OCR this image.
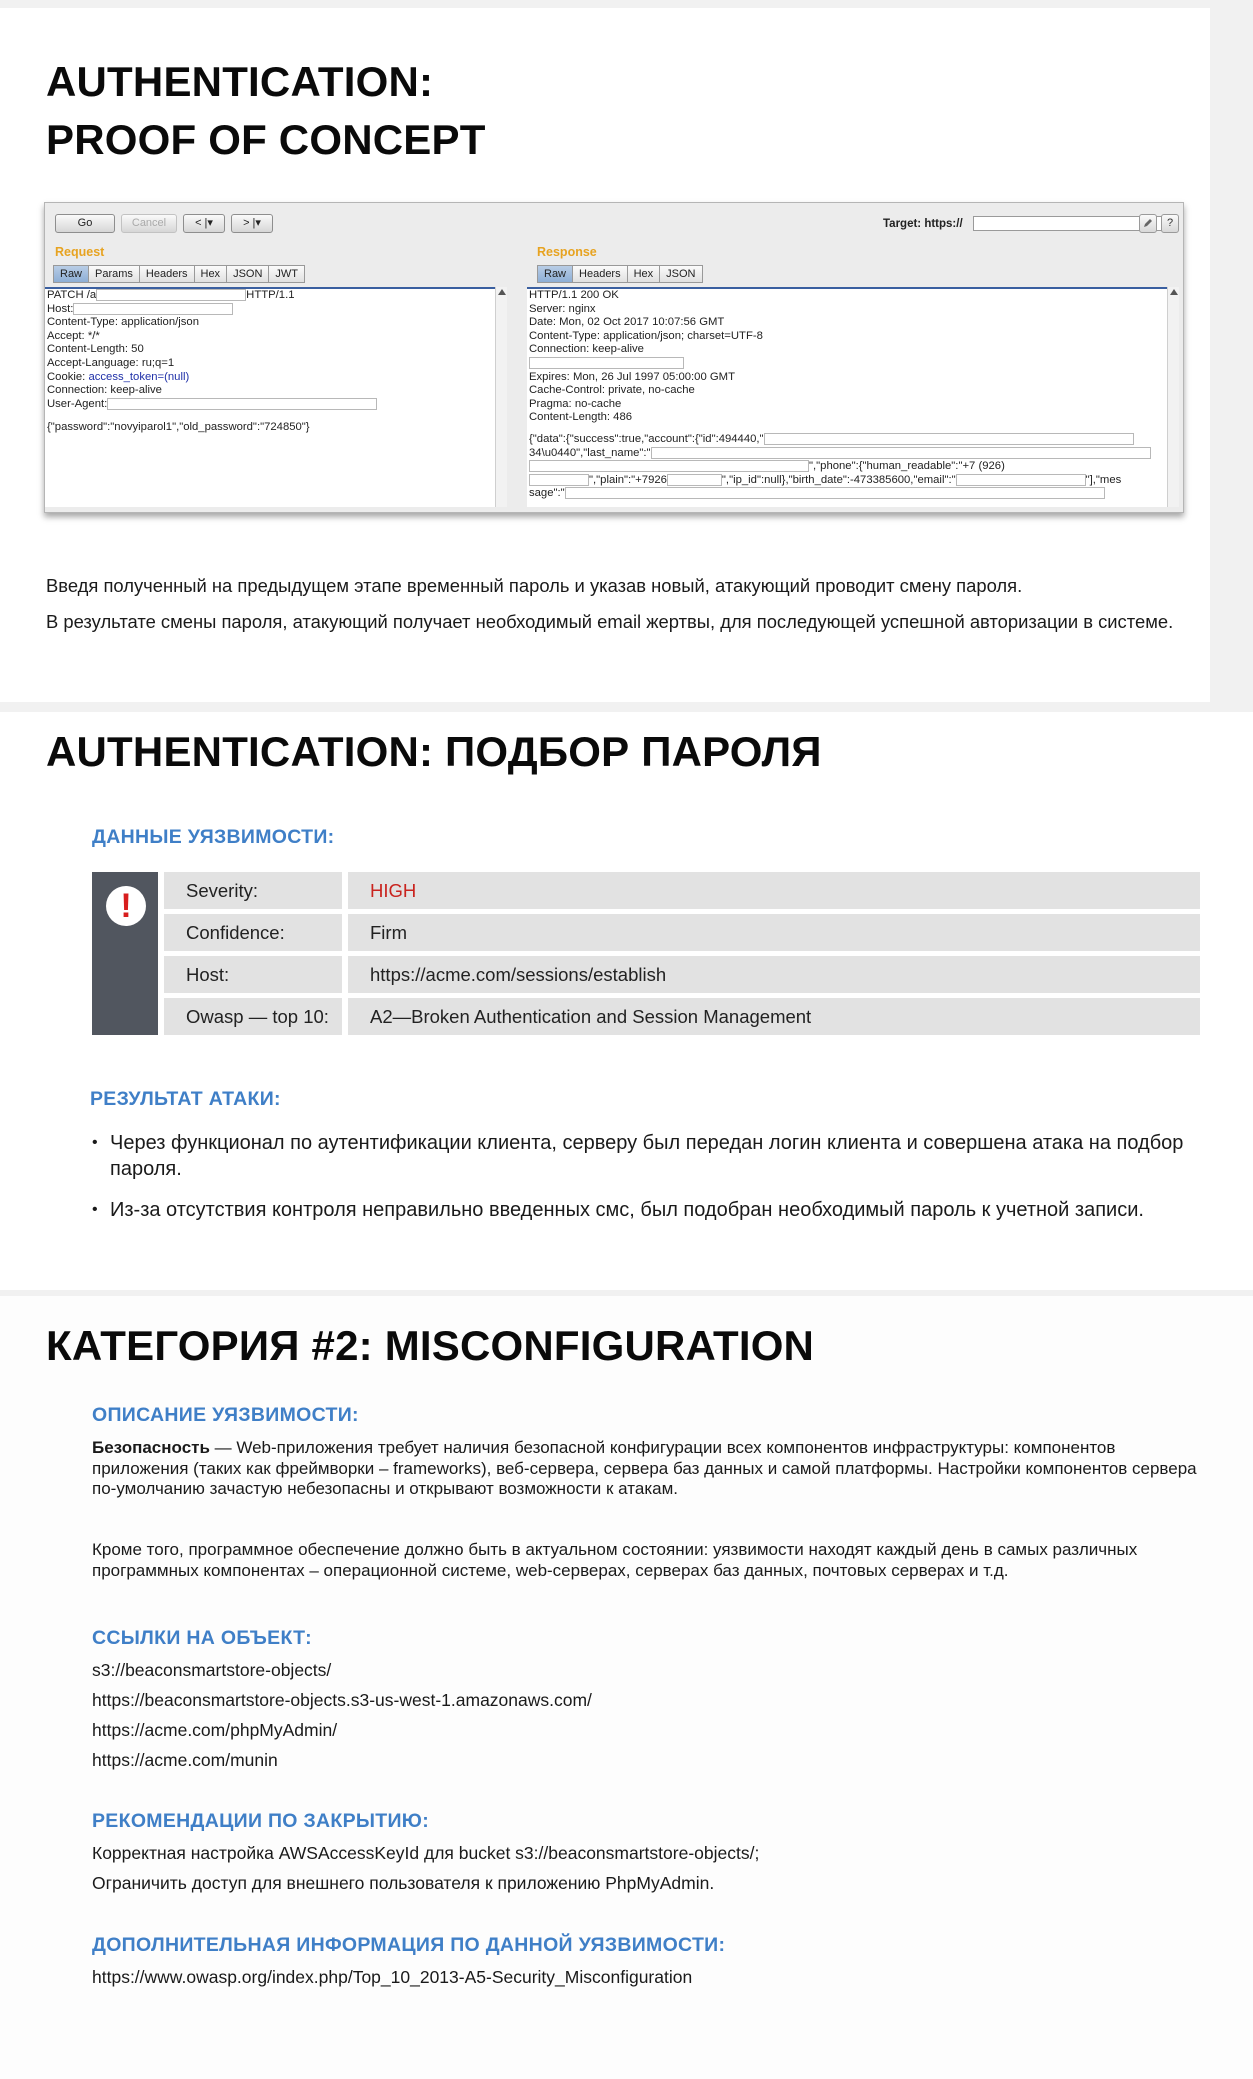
AUTHENTICATION:
PROOF OF CONCEPT
Go	Cancel	< |▾	> |▾	Target: https://	?
Request	Response
Raw	Params	Headers	Hex	JSON	JWT	Raw	Headers	Hex	JSON
PATCH /a	HTTP/1.1
Host:
Content-Type: application/json
Accept: */*
Content-Length: 50
Accept-Language: ru;q=1
Cookie: access_token=(null)
Connection: keep-alive
User-Agent:
{"password":"novyiparol1","old_password":"724850"}
HTTP/1.1 200 OK
Server: nginx
Date: Mon, 02 Oct 2017 10:07:56 GMT
Content-Type: application/json; charset=UTF-8
Connection: keep-alive
Expires: Mon, 26 Jul 1997 05:00:00 GMT
Cache-Control: private, no-cache
Pragma: no-cache
Content-Length: 486
{"data":{"success":true,"account":{"id":494440,"
34\u0440","last_name":"
","phone":{"human_readable":"+7 (926)
","plain":"+7926	","ip_id":null},"birth_date":-473385600,"email":"	"],"mes
sage":"
Введя полученный на предыдущем этапе временный пароль и указав новый, атакующий проводит смену пароля.
В результате смены пароля, атакующий получает необходимый email жертвы, для последующей успешной авторизации в системе.
AUTHENTICATION: ПОДБОР ПАРОЛЯ
ДАННЫЕ УЯЗВИМОСТИ:
!	Severity:	HIGH
Confidence:	Firm
Host:	https://acme.com/sessions/establish
Owasp — top 10:	A2—Broken Authentication and Session Management
РЕЗУЛЬТАТ АТАКИ:
• Через функционал по аутентификации клиента, серверу был передан логин клиента и совершена атака на подбор пароля.
• Из-за отсутствия контроля неправильно введенных смс, был подобран необходимый пароль к учетной записи.
КАТЕГОРИЯ #2: MISCONFIGURATION
ОПИСАНИЕ УЯЗВИМОСТИ:
Безопасность — Web-приложения требует наличия безопасной конфигурации всех компонентов инфраструктуры: компонентов приложения (таких как фреймворки – frameworks), веб-сервера, сервера баз данных и самой платформы. Настройки компонентов сервера по-умолчанию зачастую небезопасны и открывают возможности к атакам.
Кроме того, программное обеспечение должно быть в актуальном состоянии: уязвимости находят каждый день в самых различных программных компонентах – операционной системе, web-серверах, серверах баз данных, почтовых серверах и т.д.
ССЫЛКИ НА ОБЪЕКТ:
s3://beaconsmartstore-objects/
https://beaconsmartstore-objects.s3-us-west-1.amazonaws.com/
https://acme.com/phpMyAdmin/
https://acme.com/munin
РЕКОМЕНДАЦИИ ПО ЗАКРЫТИЮ:
Корректная настройка AWSAccessKeyId для bucket s3://beaconsmartstore-objects/;
Ограничить доступ для внешнего пользователя к приложению PhpMyAdmin.
ДОПОЛНИТЕЛЬНАЯ ИНФОРМАЦИЯ ПО ДАННОЙ УЯЗВИМОСТИ:
https://www.owasp.org/index.php/Top_10_2013-A5-Security_Misconfiguration
